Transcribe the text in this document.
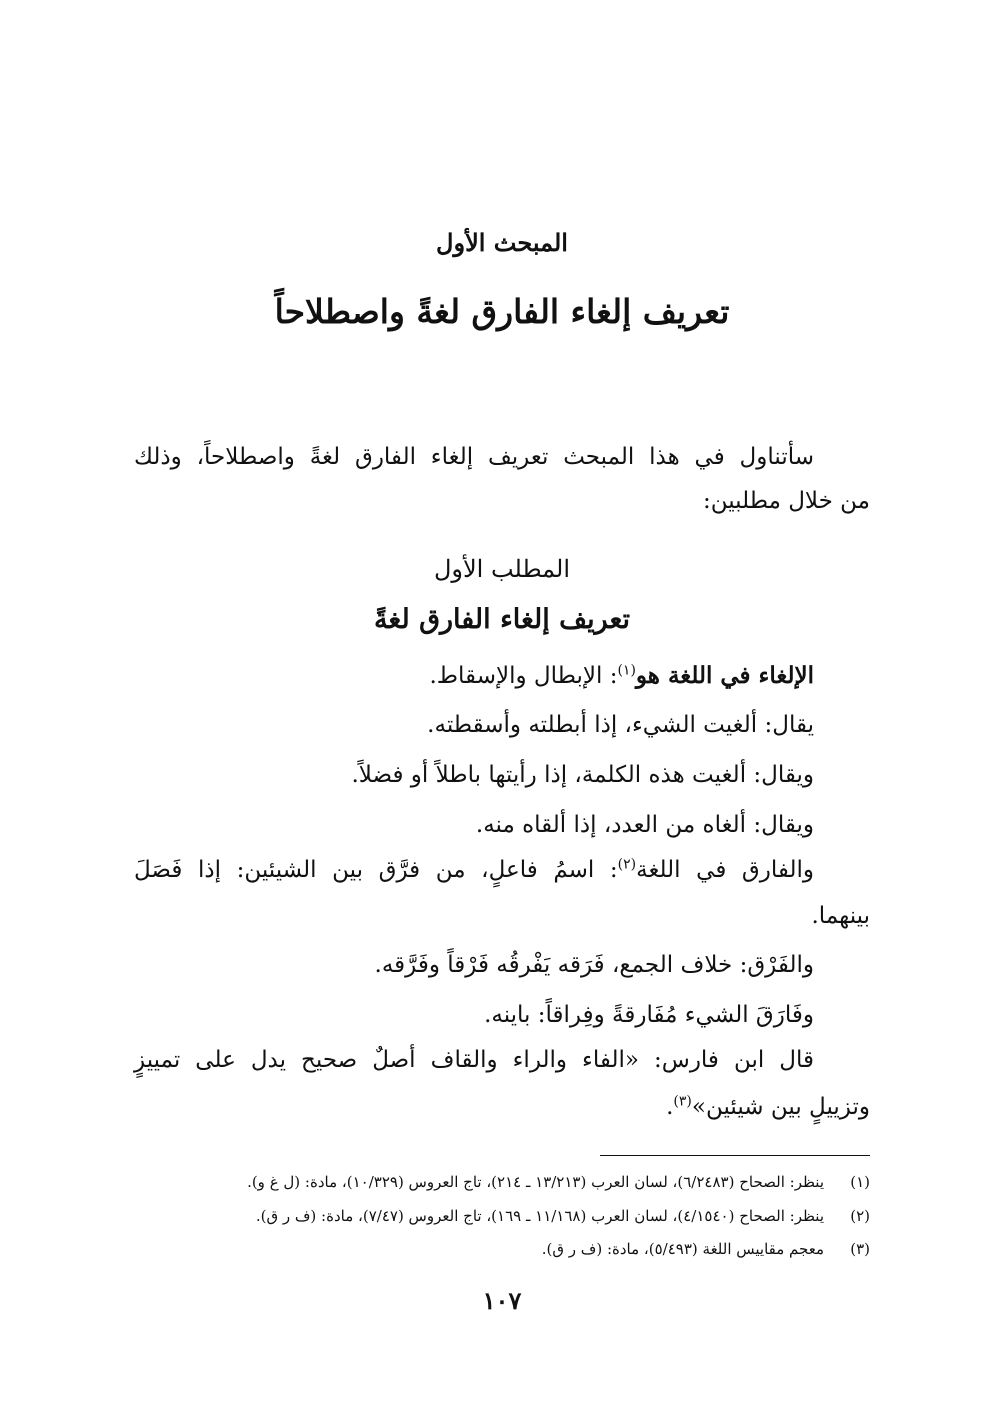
المبحث الأول
تعريف إلغاء الفارق لغةً واصطلاحاً
سأتناول في هذا المبحث تعريف إلغاء الفارق لغةً واصطلاحاً، وذلك
من خلال مطلبين:
المطلب الأول
تعريف إلغاء الفارق لغةً
الإلغاء في اللغة هو$^{(١)}$: الإبطال والإسقاط.
يقال: ألغيت الشيء، إذا أبطلته وأسقطته.
ويقال: ألغيت هذه الكلمة، إذا رأيتها باطلاً أو فضلاً.
ويقال: ألغاه من العدد، إذا ألقاه منه.
والفارق في اللغة$^{(٢)}$: اسمُ فاعلٍ، من فرَّق بين الشيئين: إذا فَصَلَ
بينهما.
والفَرْق: خلاف الجمع، فَرَقه يَفْرقُه فَرْقاً وفَرَّقه.
وفَارَقَ الشيء مُفَارقةً وفِراقاً: باينه.
قال ابن فارس: «الفاء والراء والقاف أصلٌ صحيح يدل على تمييزٍ
وتزييلٍ بين شيئين»$^{(٣)}$.
(١)ينظر: الصحاح (٦/٢٤٨٣)، لسان العرب (١٣/٢١٣ ـ ٢١٤)، تاج العروس (١٠/٣٢٩)، مادة: (ل غ و).
(٢)ينظر: الصحاح (٤/١٥٤٠)، لسان العرب (١١/١٦٨ ـ ١٦٩)، تاج العروس (٧/٤٧)، مادة: (ف ر ق).
(٣)معجم مقاييس اللغة (٥/٤٩٣)، مادة: (ف ر ق).
١٠٧
